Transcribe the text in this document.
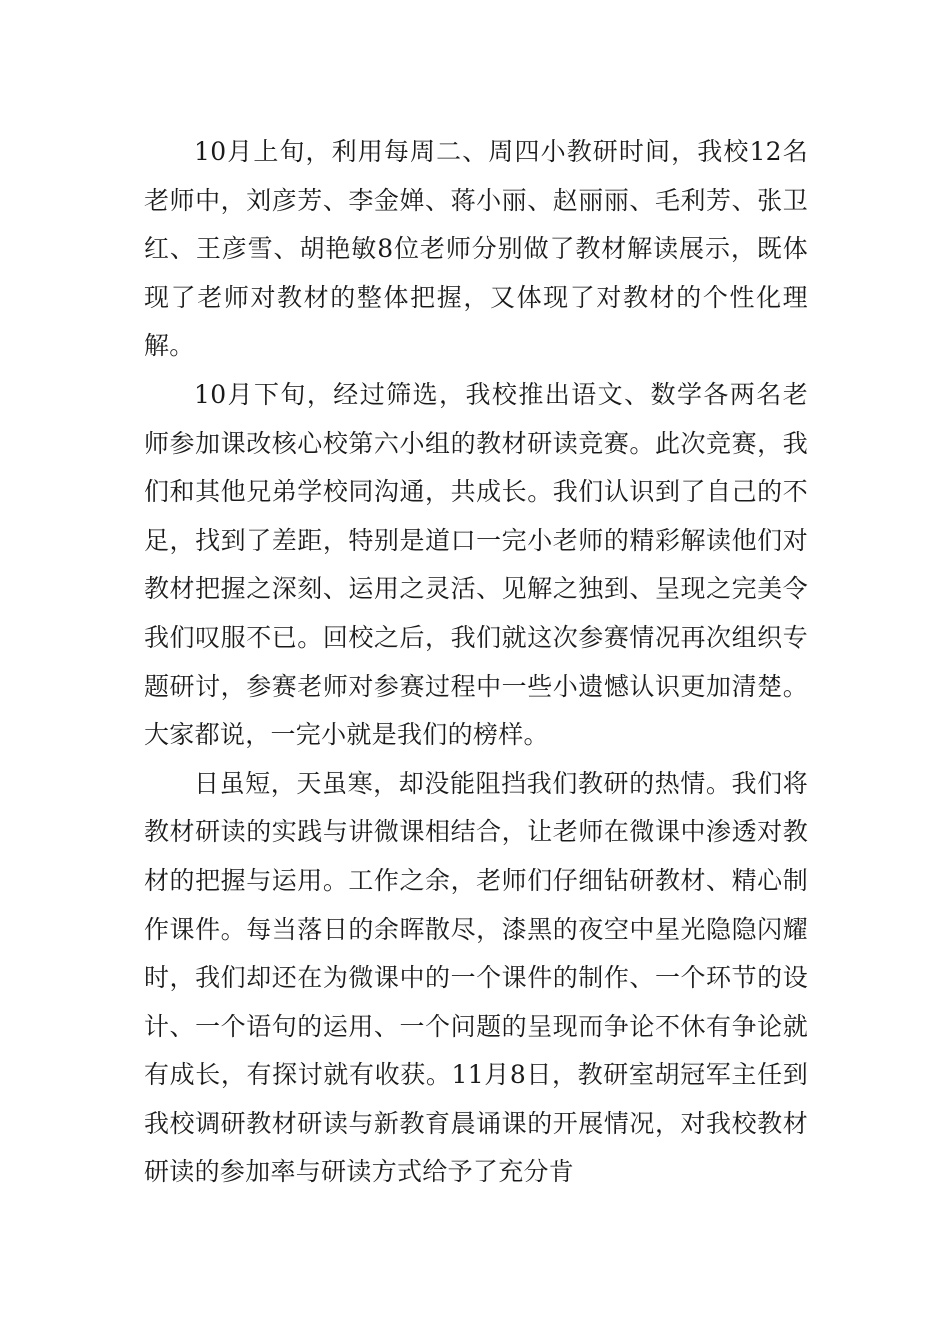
10月上旬，利用每周二、周四小教研时间，我校12名老师中，刘彦芳、李金婵、蒋小丽、赵丽丽、毛利芳、张卫红、王彦雪、胡艳敏8位老师分别做了教材解读展示，既体现了老师对教材的整体把握，又体现了对教材的个性化理解。

10月下旬，经过筛选，我校推出语文、数学各两名老师参加课改核心校第六小组的教材研读竞赛。此次竞赛，我们和其他兄弟学校同沟通，共成长。我们认识到了自己的不足，找到了差距，特别是道口一完小老师的精彩解读他们对教材把握之深刻、运用之灵活、见解之独到、呈现之完美令我们叹服不已。回校之后，我们就这次参赛情况再次组织专题研讨，参赛老师对参赛过程中一些小遗憾认识更加清楚。大家都说，一完小就是我们的榜样。

日虽短，天虽寒，却没能阻挡我们教研的热情。我们将教材研读的实践与讲微课相结合，让老师在微课中渗透对教材的把握与运用。工作之余，老师们仔细钻研教材、精心制作课件。每当落日的余晖散尽，漆黑的夜空中星光隐隐闪耀时，我们却还在为微课中的一个课件的制作、一个环节的设计、一个语句的运用、一个问题的呈现而争论不休有争论就有成长，有探讨就有收获。11月8日，教研室胡冠军主任到我校调研教材研读与新教育晨诵课的开展情况，对我校教材研读的参加率与研读方式给予了充分肯
